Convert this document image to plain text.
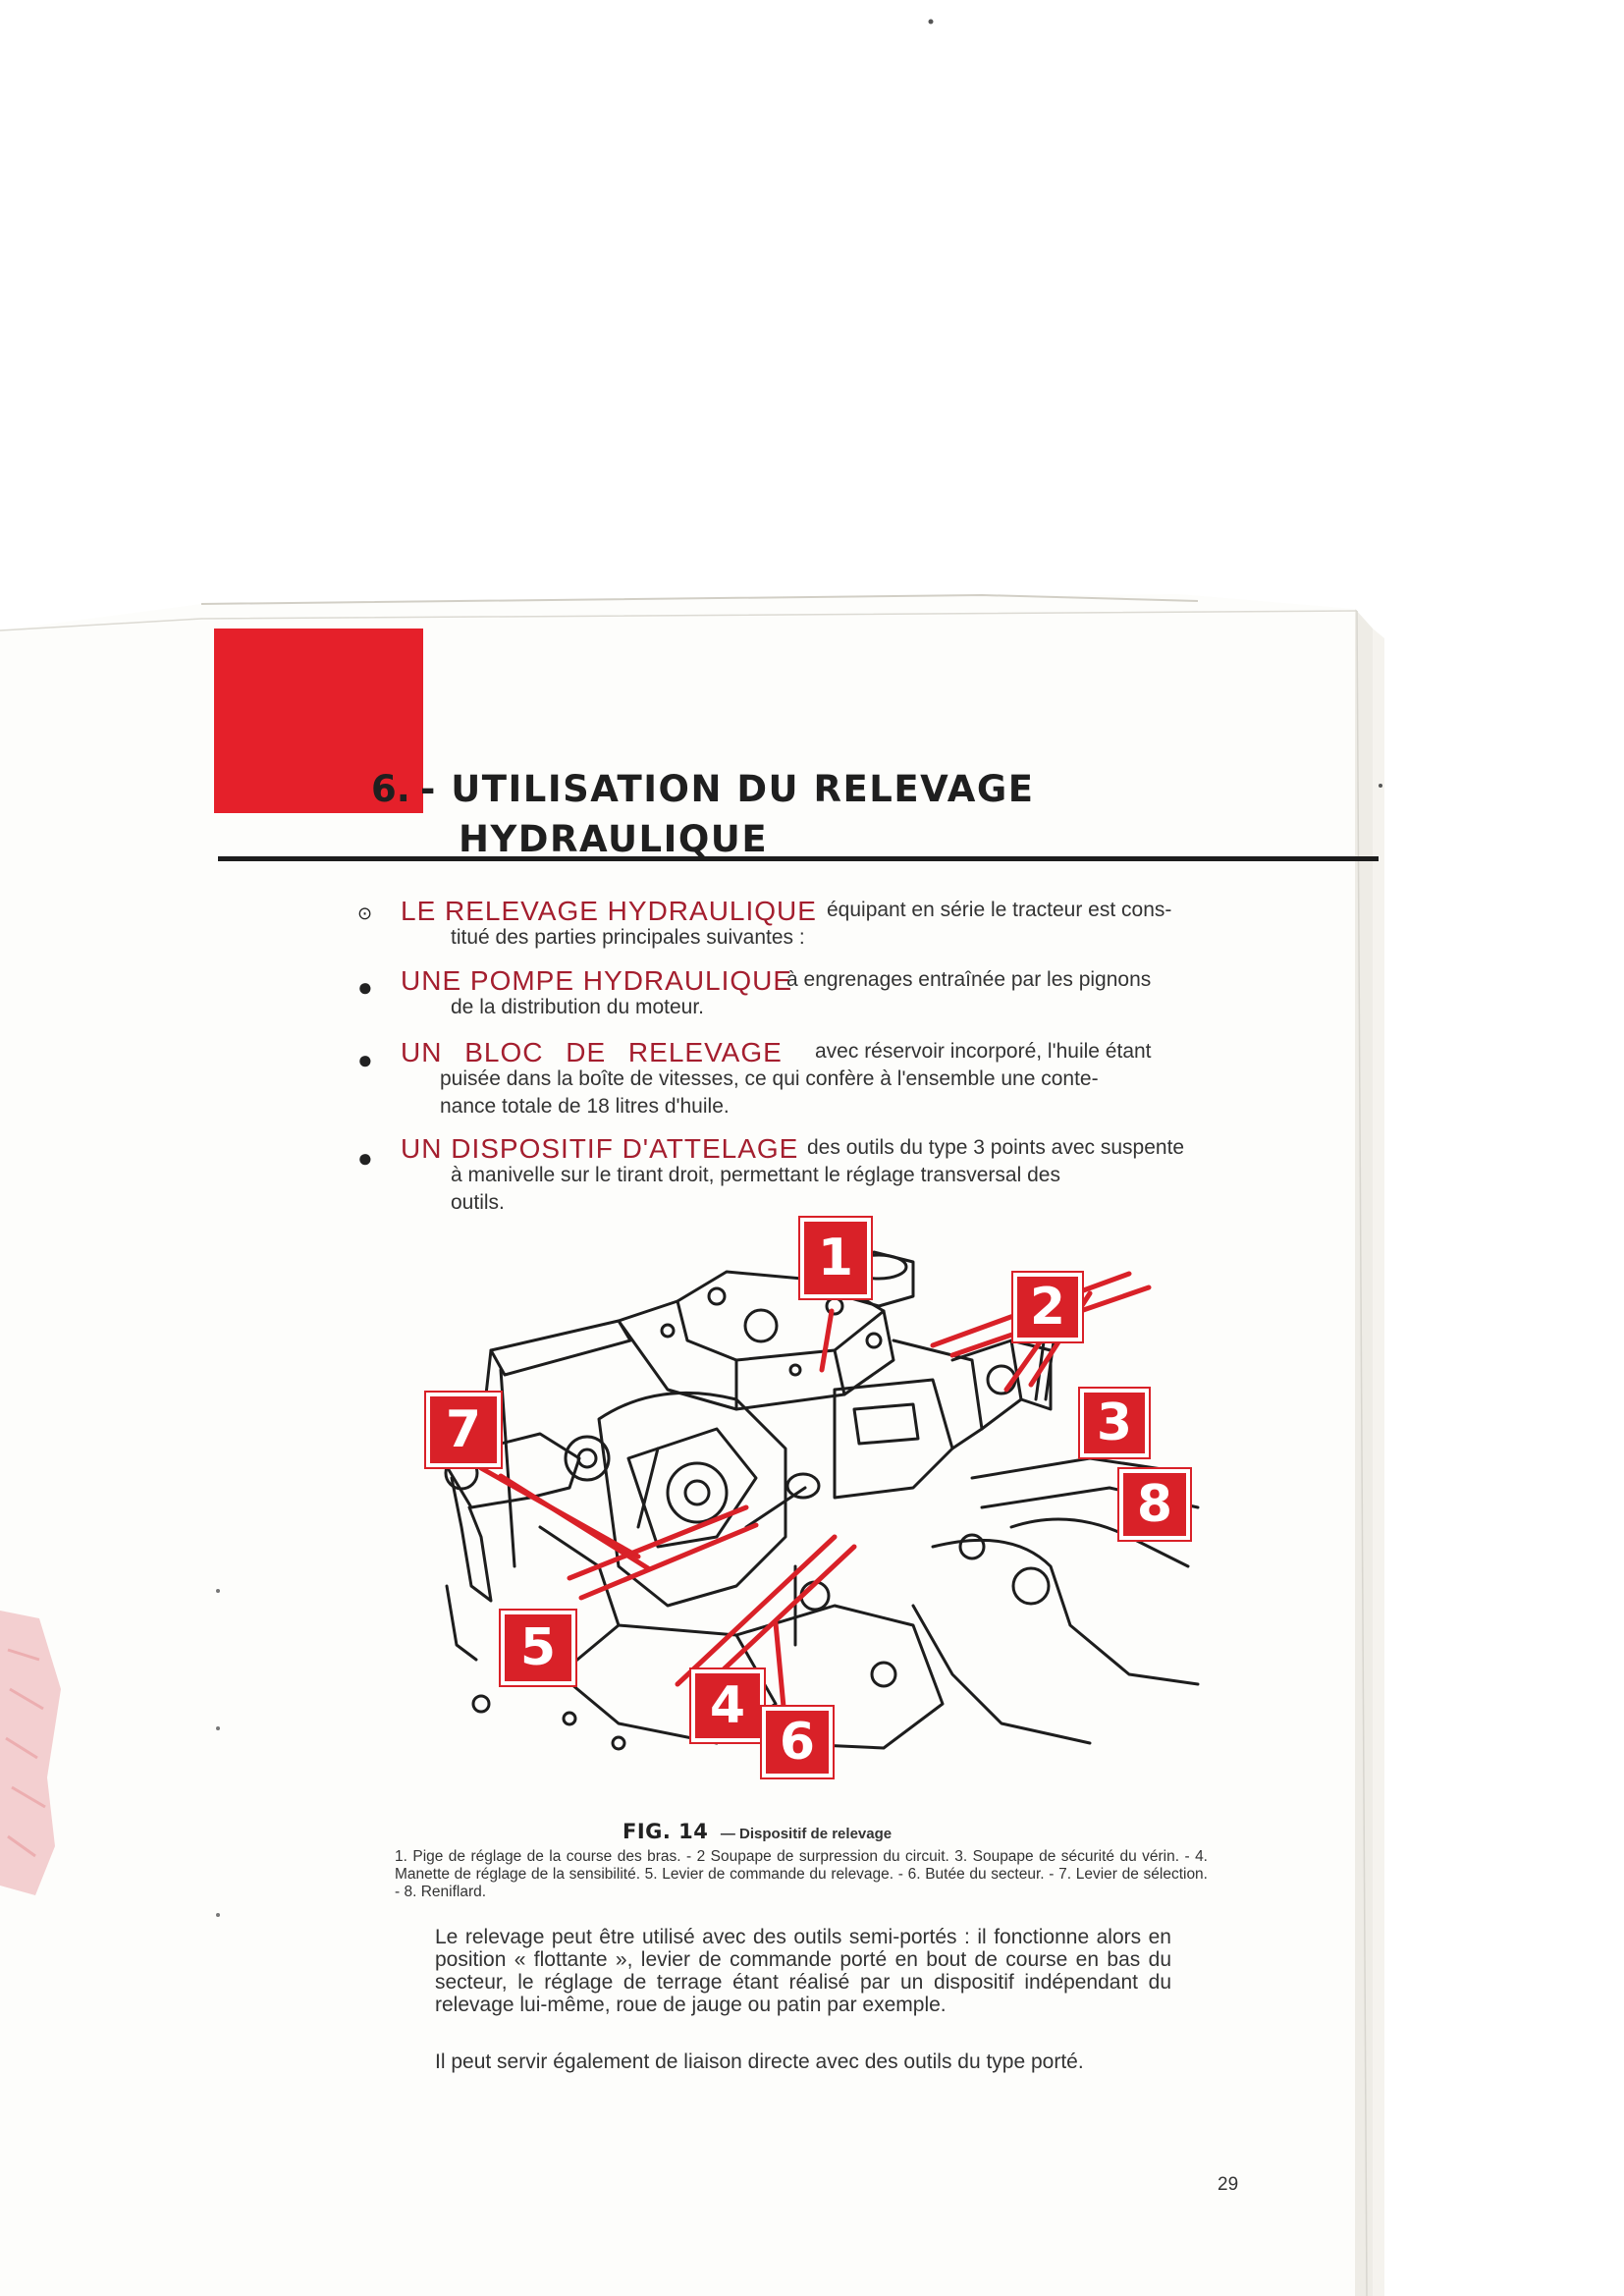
6. - UTILISATION DU RELEVAGE
HYDRAULIQUE
⊙ LE RELEVAGE HYDRAULIQUE équipant en série le tracteur est cons-
titué des parties principales suivantes :
● UNE POMPE HYDRAULIQUE
à engrenages entraînée par les pignons
de la distribution du moteur.
● UN BLOC DE RELEVAGE avec réservoir incorporé, l'huile étant
puisée dans la boîte de vitesses, ce qui confère à l'ensemble une conte-
nance totale de 18 litres d'huile.
● UN DISPOSITIF D'ATTELAGE des outils du type 3 points avec suspente
à manivelle sur le tirant droit, permettant le réglage transversal des
outils.
1
2
3
8
7
5
4
6
FIG. 14 — Dispositif de relevage
1. Pige de réglage de la course des bras. - 2 Soupape de surpression du circuit. 3. Soupape de sécurité du vérin. - 4. Manette de réglage de la sensibilité. 5. Levier de commande du relevage. - 6. Butée du secteur. - 7. Levier de sélection. - 8. Reniflard.
Le relevage peut être utilisé avec des outils semi-portés : il fonctionne alors en position « flottante », levier de commande porté en bout de course en bas du secteur, le réglage de terrage étant réalisé par un dispositif indépendant du relevage lui-même, roue de jauge ou patin par exemple.
Il peut servir également de liaison directe avec des outils du type porté.
29
